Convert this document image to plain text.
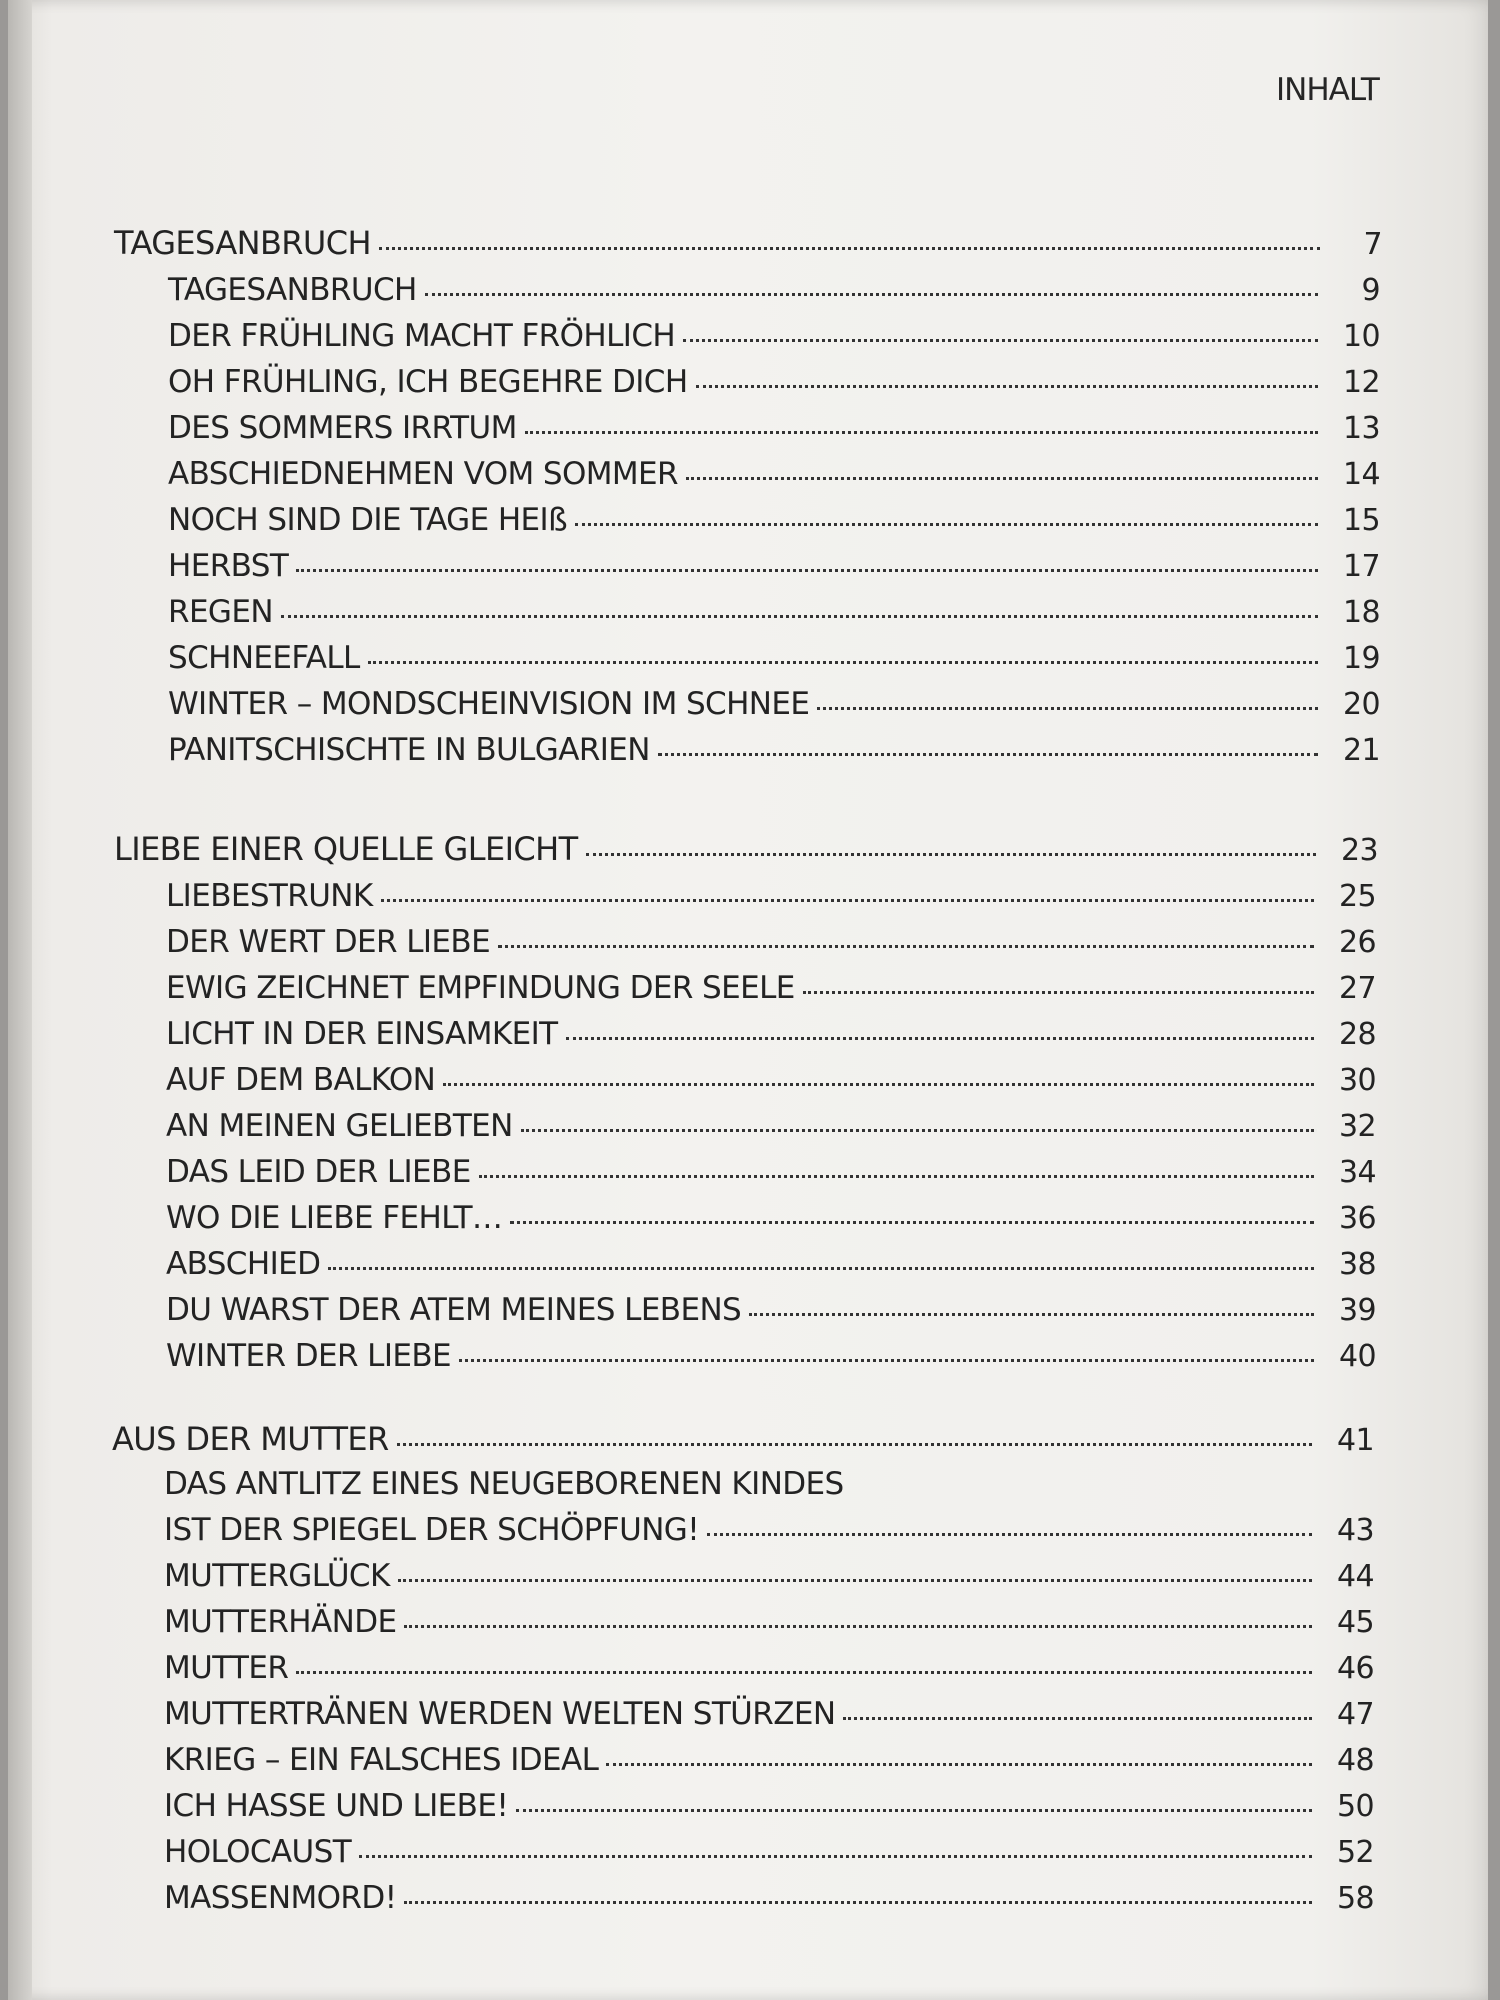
INHALT
TAGESANBRUCH	7
TAGESANBRUCH	9
DER FRÜHLING MACHT FRÖHLICH	10
OH FRÜHLING, ICH BEGEHRE DICH	12
DES SOMMERS IRRTUM	13
ABSCHIEDNEHMEN VOM SOMMER	14
NOCH SIND DIE TAGE HEIß	15
HERBST	17
REGEN	18
SCHNEEFALL	19
WINTER – MONDSCHEINVISION IM SCHNEE	20
PANITSCHISCHTE IN BULGARIEN	21
LIEBE EINER QUELLE GLEICHT	23
LIEBESTRUNK	25
DER WERT DER LIEBE	26
EWIG ZEICHNET EMPFINDUNG DER SEELE	27
LICHT IN DER EINSAMKEIT	28
AUF DEM BALKON	30
AN MEINEN GELIEBTEN	32
DAS LEID DER LIEBE	34
WO DIE LIEBE FEHLT…	36
ABSCHIED	38
DU WARST DER ATEM MEINES LEBENS	39
WINTER DER LIEBE	40
AUS DER MUTTER	41
DAS ANTLITZ EINES NEUGEBORENEN KINDES
IST DER SPIEGEL DER SCHÖPFUNG!	43
MUTTERGLÜCK	44
MUTTERHÄNDE	45
MUTTER	46
MUTTERTRÄNEN WERDEN WELTEN STÜRZEN	47
KRIEG – EIN FALSCHES IDEAL	48
ICH HASSE UND LIEBE!	50
HOLOCAUST	52
MASSENMORD!	58
